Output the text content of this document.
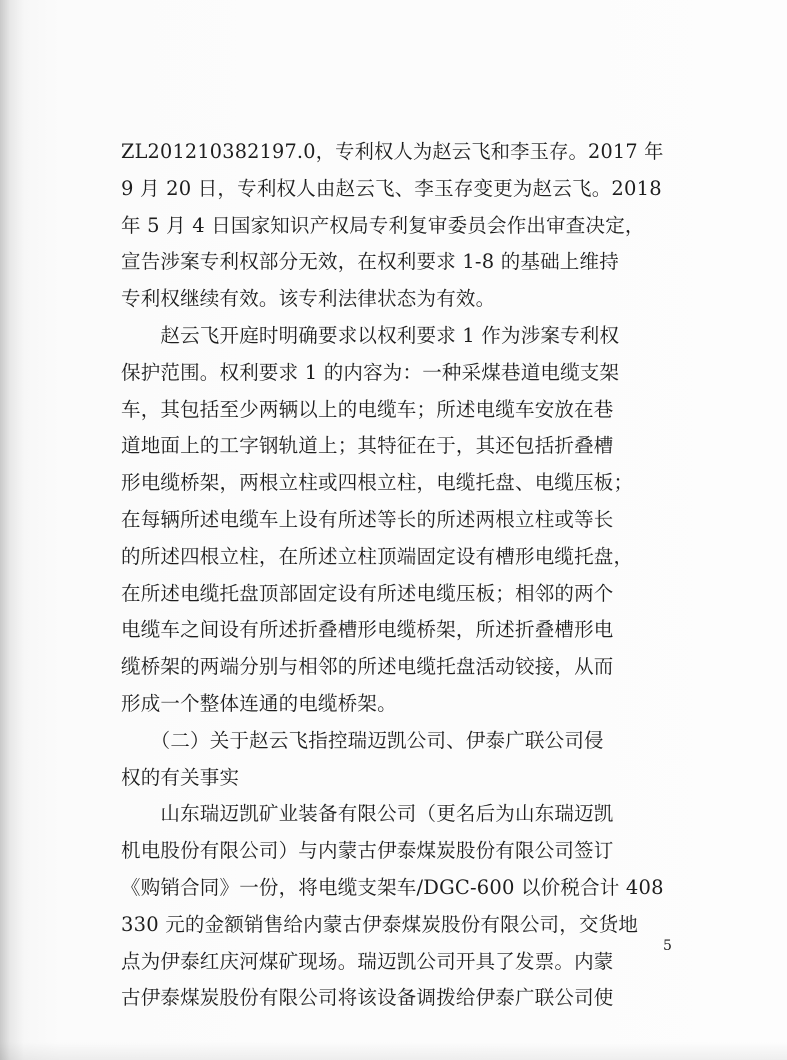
ZL201210382197.0，专利权人为赵云飞和李玉存。2017 年
9 月 20 日，专利权人由赵云飞、李玉存变更为赵云飞。2018
年 5 月 4 日国家知识产权局专利复审委员会作出审查决定，
宣告涉案专利权部分无效，在权利要求 1-8 的基础上维持
专利权继续有效。该专利法律状态为有效。
　　赵云飞开庭时明确要求以权利要求 1 作为涉案专利权
保护范围。权利要求 1 的内容为：一种采煤巷道电缆支架
车，其包括至少两辆以上的电缆车；所述电缆车安放在巷
道地面上的工字钢轨道上；其特征在于，其还包括折叠槽
形电缆桥架，两根立柱或四根立柱，电缆托盘、电缆压板；
在每辆所述电缆车上设有所述等长的所述两根立柱或等长
的所述四根立柱，在所述立柱顶端固定设有槽形电缆托盘，
在所述电缆托盘顶部固定设有所述电缆压板；相邻的两个
电缆车之间设有所述折叠槽形电缆桥架，所述折叠槽形电
缆桥架的两端分别与相邻的所述电缆托盘活动铰接，从而
形成一个整体连通的电缆桥架。
　　（二）关于赵云飞指控瑞迈凯公司、伊泰广联公司侵
权的有关事实
　　山东瑞迈凯矿业装备有限公司（更名后为山东瑞迈凯
机电股份有限公司）与内蒙古伊泰煤炭股份有限公司签订
《购销合同》一份，将电缆支架车/DGC-600 以价税合计 408
330 元的金额销售给内蒙古伊泰煤炭股份有限公司，交货地
点为伊泰红庆河煤矿现场。瑞迈凯公司开具了发票。内蒙
古伊泰煤炭股份有限公司将该设备调拨给伊泰广联公司使
5
